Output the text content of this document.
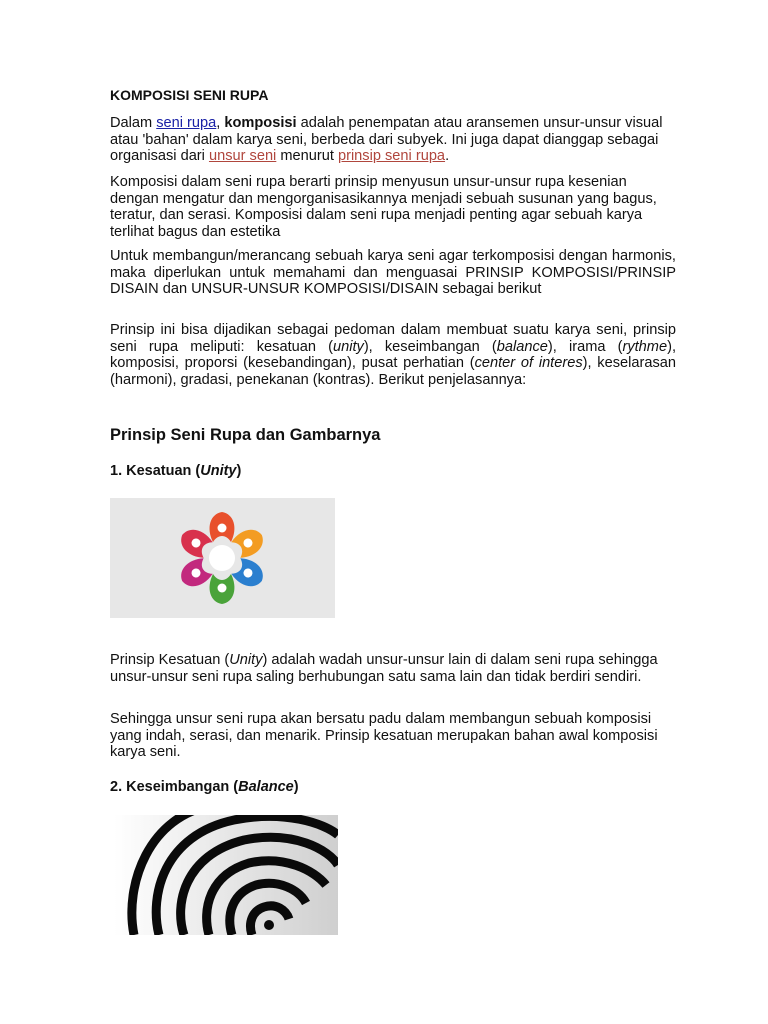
KOMPOSISI SENI RUPA

Dalam seni rupa, komposisi adalah penempatan atau aransemen unsur-unsur visual atau 'bahan' dalam karya seni, berbeda dari subyek. Ini juga dapat dianggap sebagai organisasi dari unsur seni menurut prinsip seni rupa.

Komposisi dalam seni rupa berarti prinsip menyusun unsur-unsur rupa kesenian dengan mengatur dan mengorganisasikannya menjadi sebuah susunan yang bagus, teratur, dan serasi. Komposisi dalam seni rupa menjadi penting agar sebuah karya terlihat bagus dan estetika

Untuk membangun/merancang sebuah karya seni agar terkomposisi dengan harmonis, maka diperlukan untuk memahami dan menguasai PRINSIP KOMPOSISI/PRINSIP DISAIN dan UNSUR-UNSUR KOMPOSISI/DISAIN sebagai berikut

Prinsip ini bisa dijadikan sebagai pedoman dalam membuat suatu karya seni, prinsip seni rupa meliputi: kesatuan (unity), keseimbangan (balance), irama (rythme), komposisi, proporsi (kesebandingan), pusat perhatian (center of interes), keselarasan (harmoni), gradasi, penekanan (kontras). Berikut penjelasannya:

Prinsip Seni Rupa dan Gambarnya
1. Kesatuan (Unity)

Prinsip Kesatuan (Unity) adalah wadah unsur-unsur lain di dalam seni rupa sehingga unsur-unsur seni rupa saling berhubungan satu sama lain dan tidak berdiri sendiri.

Sehingga unsur seni rupa akan bersatu padu dalam membangun sebuah komposisi yang indah, serasi, dan menarik. Prinsip kesatuan merupakan bahan awal komposisi karya seni.

2. Keseimbangan (Balance)
